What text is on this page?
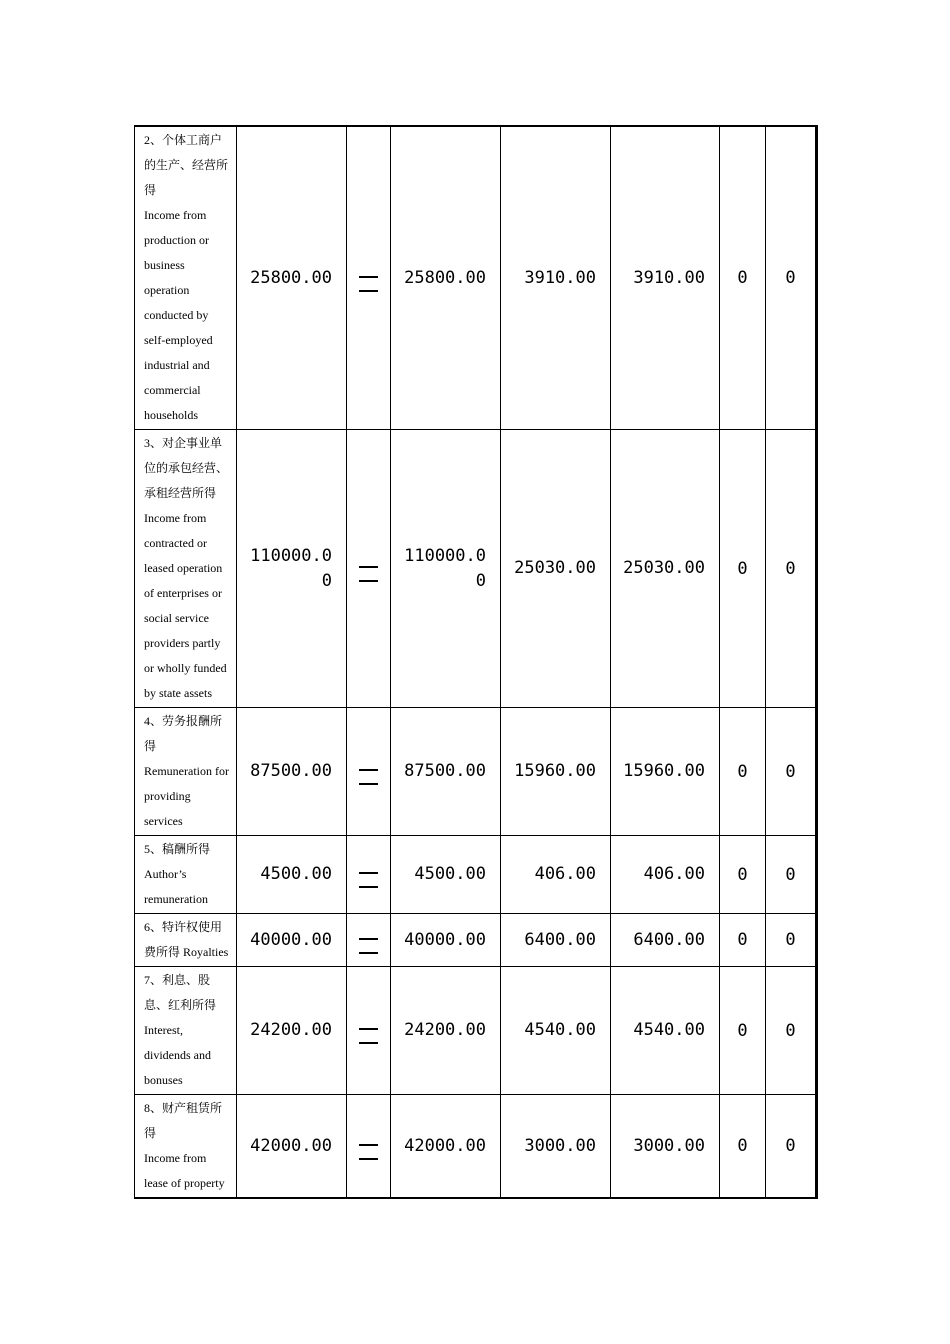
2、个体工商户的生产、经营所得
Income from production or business operation conducted by self-employed industrial and commercial households	25800.00		25800.00	3910.00	3910.00	0	0
3、对企事业单位的承包经营、承租经营所得
Income from contracted or leased operation of enterprises or social service providers partly or wholly funded by state assets	110000.00		110000.00	25030.00	25030.00	0	0
4、劳务报酬所得
Remuneration for providing services	87500.00		87500.00	15960.00	15960.00	0	0
5、稿酬所得
Author’s remuneration	4500.00		4500.00	406.00	406.00	0	0
6、特许权使用费所得 Royalties	40000.00		40000.00	6400.00	6400.00	0	0
7、利息、股息、红利所得
Interest, dividends and bonuses	24200.00		24200.00	4540.00	4540.00	0	0
8、财产租赁所得
Income from lease of property	42000.00		42000.00	3000.00	3000.00	0	0
